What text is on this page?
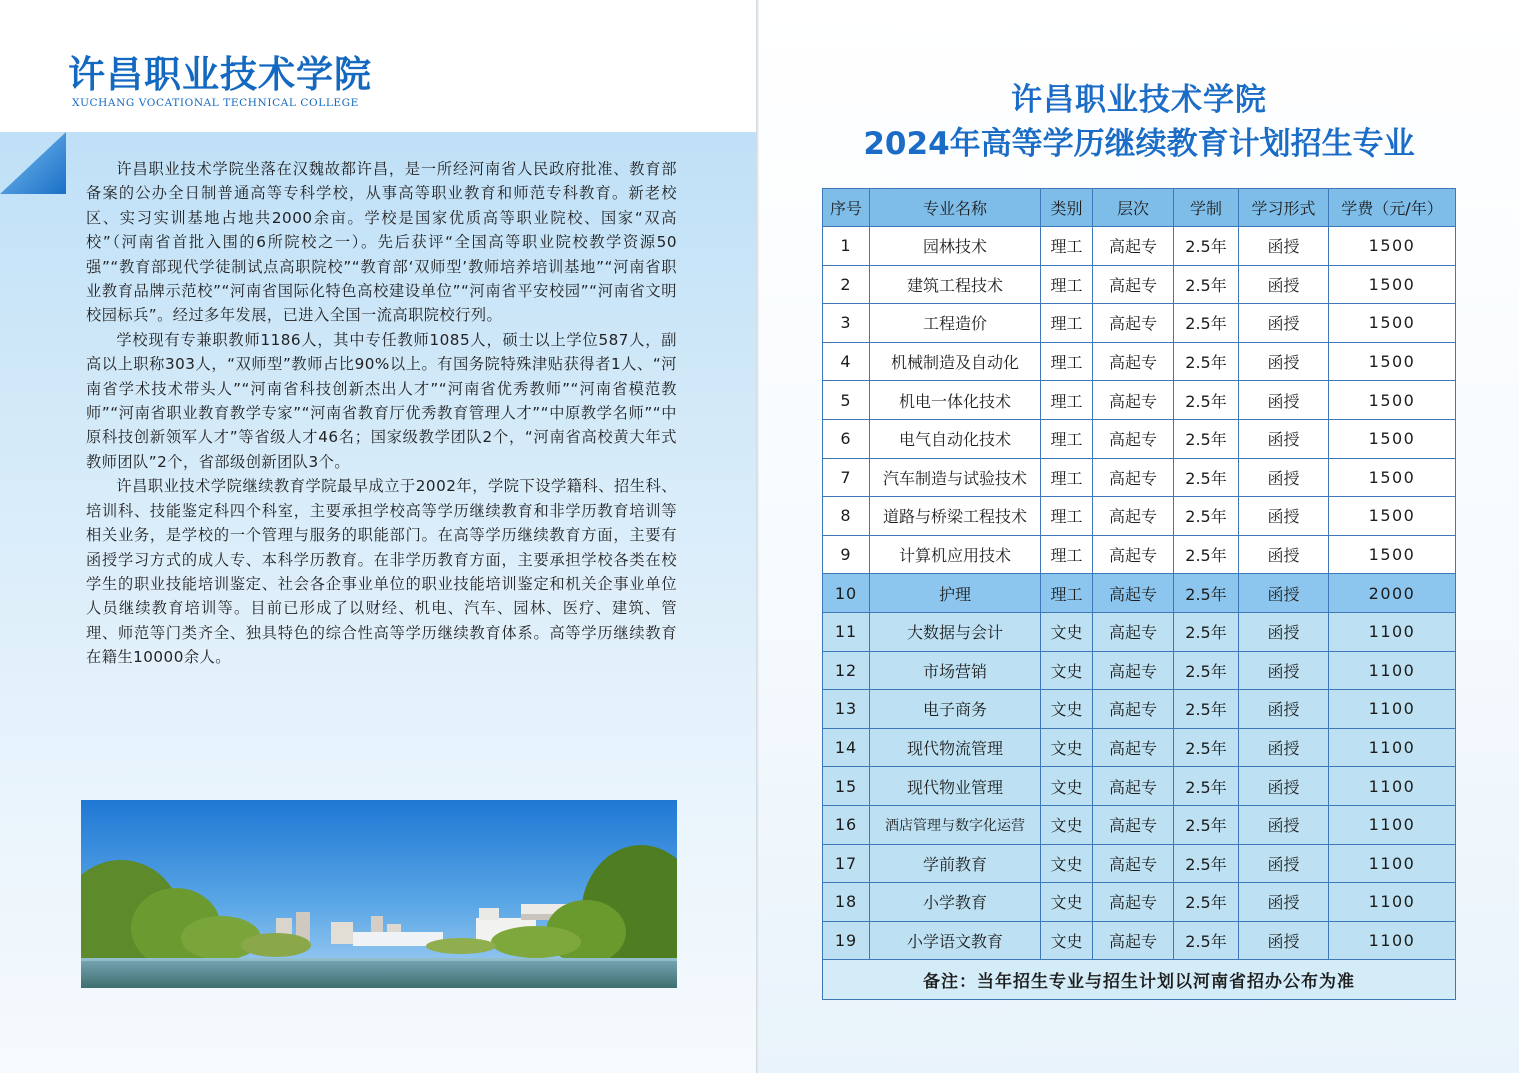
许昌职业技术学院
XUCHANG VOCATIONAL TECHNICAL COLLEGE

许昌职业技术学院坐落在汉魏故都许昌，是一所经河南省人民政府批准、教育部备案的公办全日制普通高等专科学校，从事高等职业教育和师范专科教育。新老校区、实习实训基地占地共2000余亩。学校是国家优质高等职业院校、国家“双高校”（河南省首批入围的6所院校之一）。先后获评“全国高等职业院校教学资源50强”“教育部现代学徒制试点高职院校”“教育部‘双师型’教师培养培训基地”“河南省职业教育品牌示范校”“河南省国际化特色高校建设单位”“河南省平安校园”“河南省文明校园标兵”。经过多年发展，已进入全国一流高职院校行列。

学校现有专兼职教师1186人，其中专任教师1085人，硕士以上学位587人，副高以上职称303人，“双师型”教师占比90%以上。有国务院特殊津贴获得者1人、“河南省学术技术带头人”“河南省科技创新杰出人才”“河南省优秀教师”“河南省模范教师”“河南省职业教育教学专家”“河南省教育厅优秀教育管理人才”“中原教学名师”“中原科技创新领军人才”等省级人才46名；国家级教学团队2个，“河南省高校黄大年式教师团队”2个，省部级创新团队3个。

许昌职业技术学院继续教育学院最早成立于2002年，学院下设学籍科、招生科、培训科、技能鉴定科四个科室，主要承担学校高等学历继续教育和非学历教育培训等相关业务，是学校的一个管理与服务的职能部门。在高等学历继续教育方面，主要有函授学习方式的成人专、本科学历教育。在非学历教育方面，主要承担学校各类在校学生的职业技能培训鉴定、社会各企事业单位的职业技能培训鉴定和机关企事业单位人员继续教育培训等。目前已形成了以财经、机电、汽车、园林、医疗、建筑、管理、师范等门类齐全、独具特色的综合性高等学历继续教育体系。高等学历继续教育在籍生10000余人。

许昌职业技术学院
2024年高等学历继续教育计划招生专业
序号	专业名称	类别	层次	学制	学习形式	学费（元/年）
1	园林技术	理工	高起专	2.5年	函授	1500
2	建筑工程技术	理工	高起专	2.5年	函授	1500
3	工程造价	理工	高起专	2.5年	函授	1500
4	机械制造及自动化	理工	高起专	2.5年	函授	1500
5	机电一体化技术	理工	高起专	2.5年	函授	1500
6	电气自动化技术	理工	高起专	2.5年	函授	1500
7	汽车制造与试验技术	理工	高起专	2.5年	函授	1500
8	道路与桥梁工程技术	理工	高起专	2.5年	函授	1500
9	计算机应用技术	理工	高起专	2.5年	函授	1500
10	护理	理工	高起专	2.5年	函授	2000
11	大数据与会计	文史	高起专	2.5年	函授	1100
12	市场营销	文史	高起专	2.5年	函授	1100
13	电子商务	文史	高起专	2.5年	函授	1100
14	现代物流管理	文史	高起专	2.5年	函授	1100
15	现代物业管理	文史	高起专	2.5年	函授	1100
16	酒店管理与数字化运营	文史	高起专	2.5年	函授	1100
17	学前教育	文史	高起专	2.5年	函授	1100
18	小学教育	文史	高起专	2.5年	函授	1100
19	小学语文教育	文史	高起专	2.5年	函授	1100
备注：当年招生专业与招生计划以河南省招办公布为准						
